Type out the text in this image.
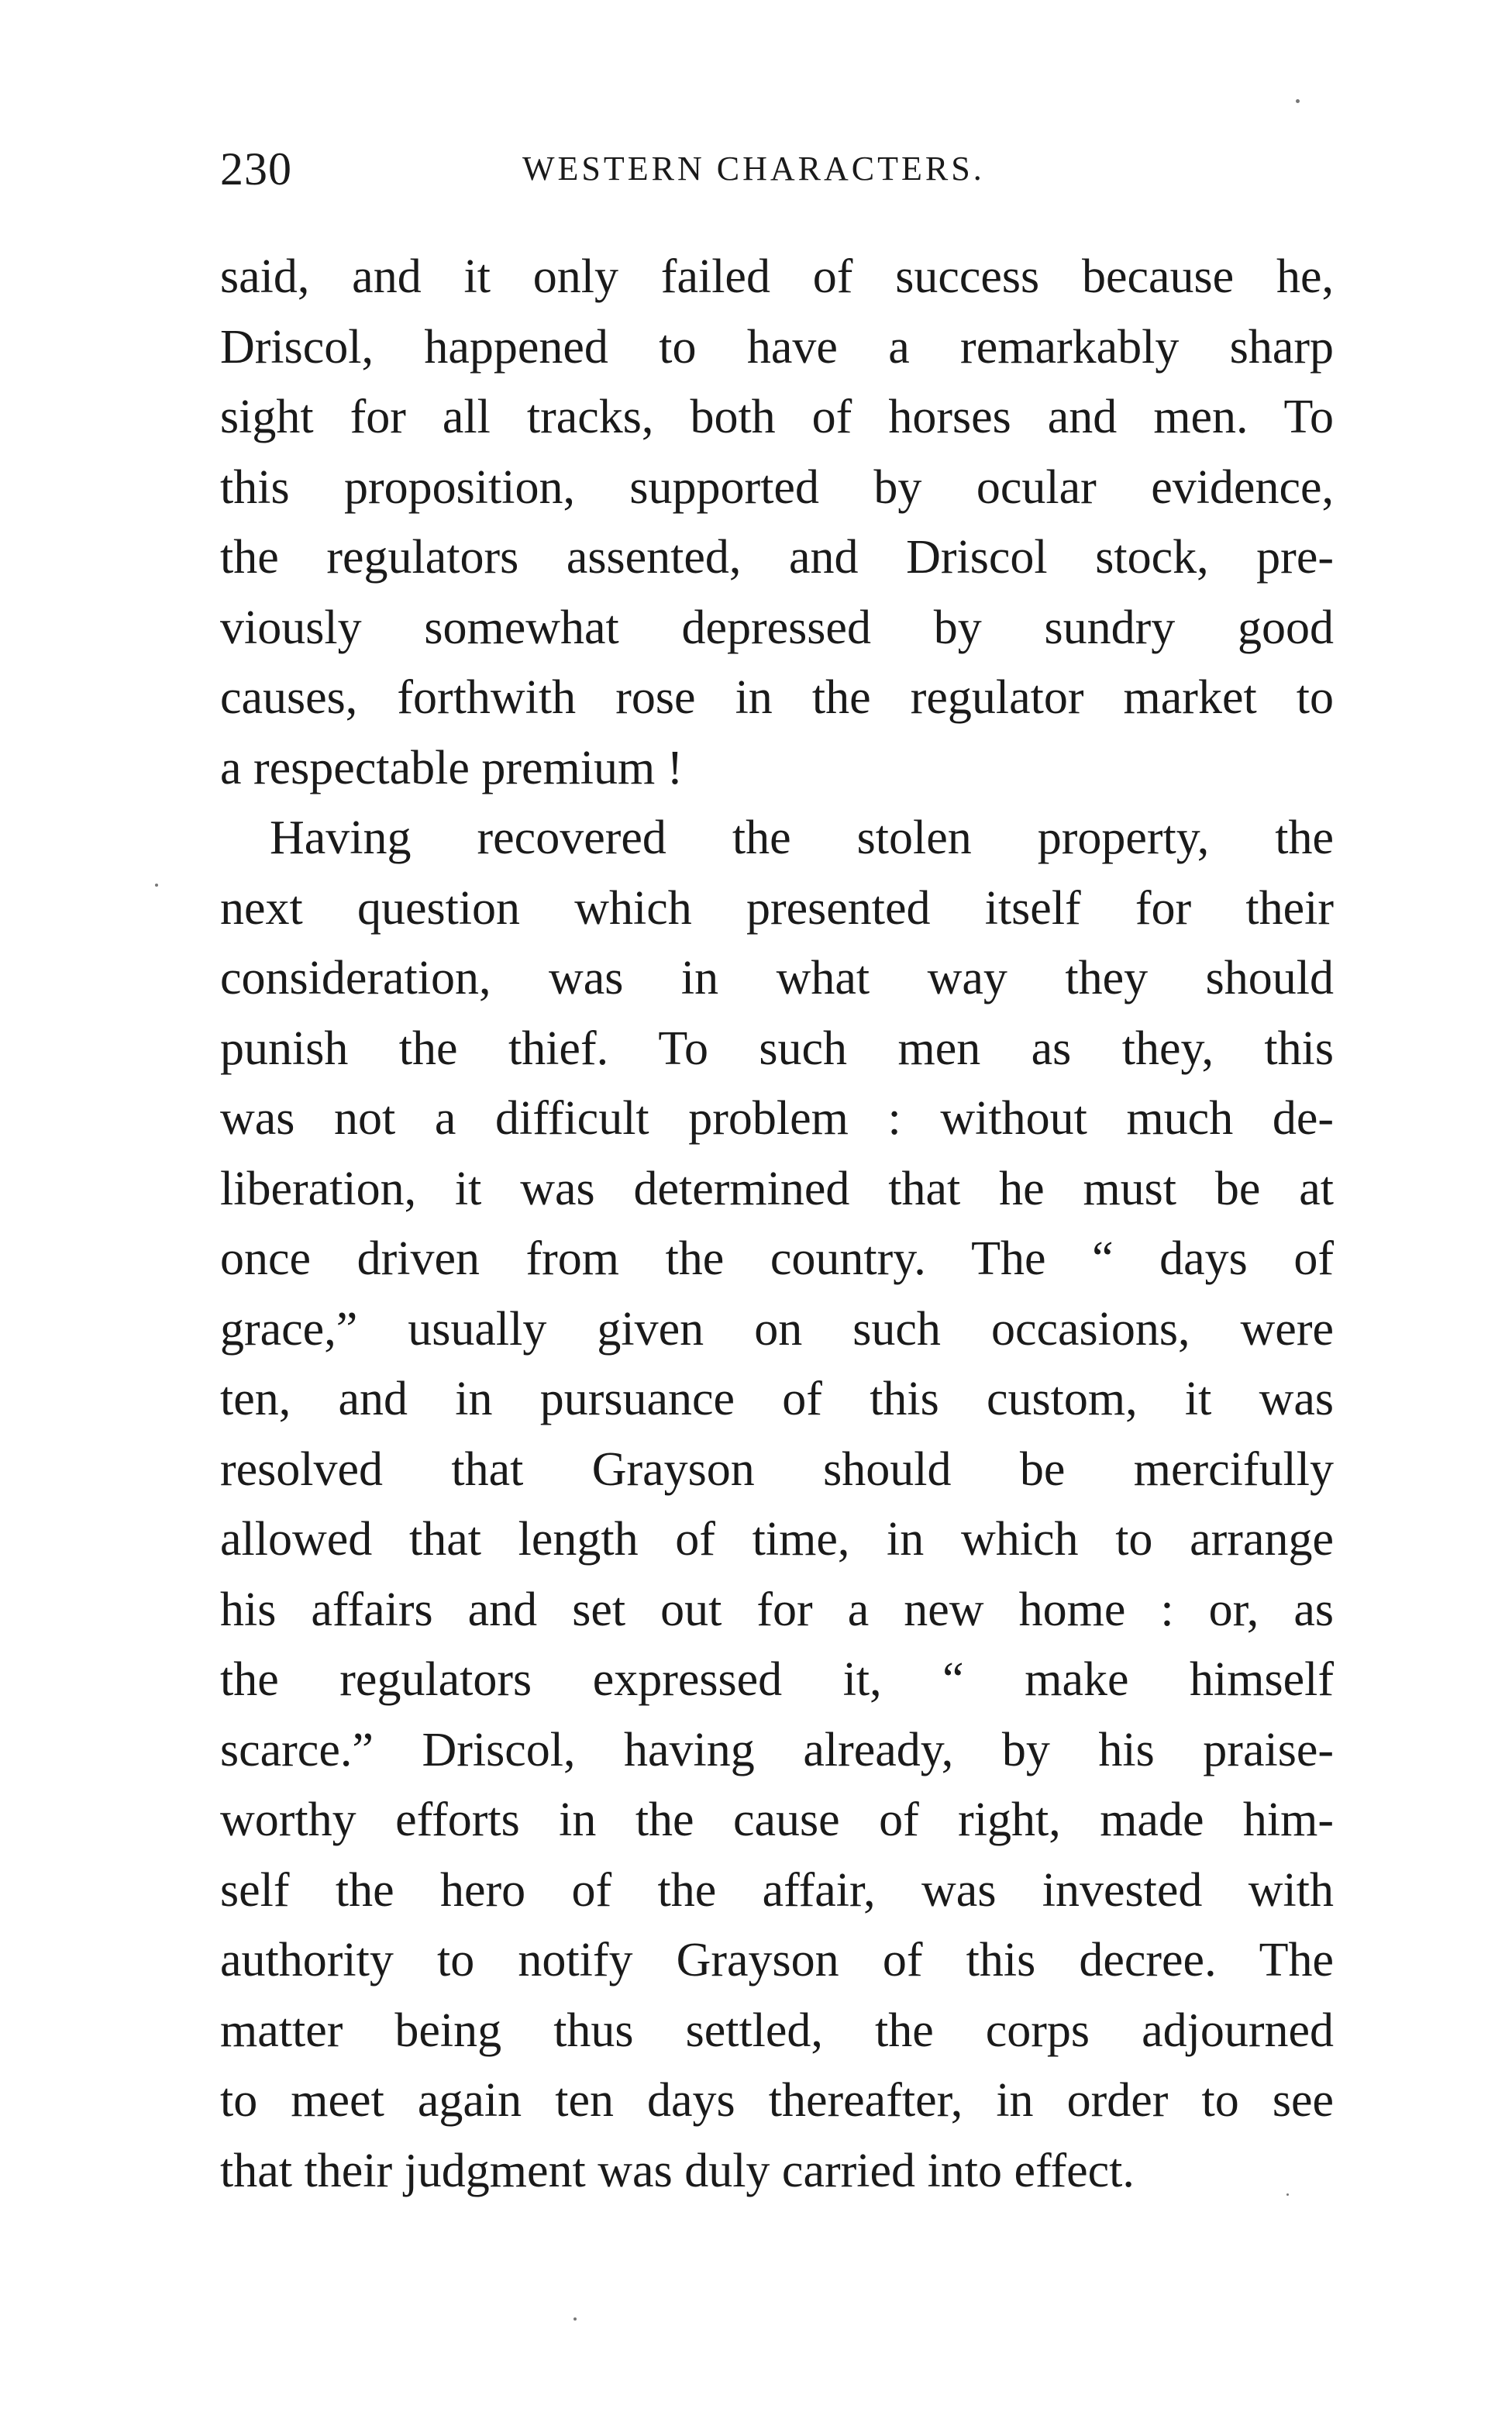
230	WESTERN CHARACTERS.
said, and it only failed of success because he,
Driscol, happened to have a remarkably sharp
sight for all tracks, both of horses and men. To
this proposition, supported by ocular evidence,
the regulators assented, and Driscol stock, pre-
viously somewhat depressed by sundry good
causes, forthwith rose in the regulator market to
a respectable premium !
Having recovered the stolen property, the
next question which presented itself for their
consideration, was in what way they should
punish the thief. To such men as they, this
was not a difficult problem : without much de-
liberation, it was determined that he must be at
once driven from the country. The “ days of
grace,” usually given on such occasions, were
ten, and in pursuance of this custom, it was
resolved that Grayson should be mercifully
allowed that length of time, in which to arrange
his affairs and set out for a new home : or, as
the regulators expressed it, “ make himself
scarce.” Driscol, having already, by his praise-
worthy efforts in the cause of right, made him-
self the hero of the affair, was invested with
authority to notify Grayson of this decree. The
matter being thus settled, the corps adjourned
to meet again ten days thereafter, in order to see
that their judgment was duly carried into effect.
